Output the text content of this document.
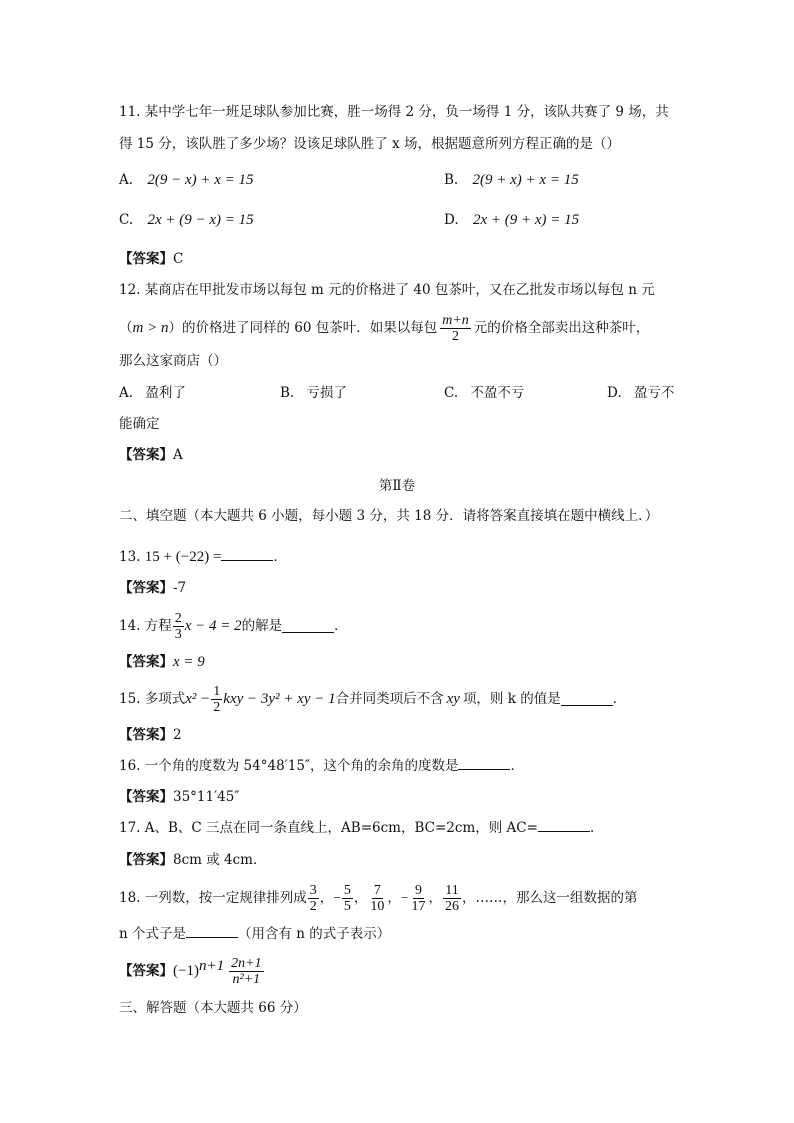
11. 某中学七年一班足球队参加比赛，胜一场得 2 分，负一场得 1 分，该队共赛了 9 场，共
得 15 分，该队胜了多少场？设该足球队胜了 x 场，根据题意所列方程正确的是（）
A. 2(9 − x) + x = 15	B. 2(9 + x) + x = 15
C. 2x + (9 − x) = 15	D. 2x + (9 + x) = 15
【答案】C
12. 某商店在甲批发市场以每包 m 元的价格进了 40 包茶叶，又在乙批发市场以每包 n 元
（ m > n ）的价格进了同样的 60 包茶叶．如果以每包 $\frac{m+n}{2}$ 元的价格全部卖出这种茶叶，
那么这家商店（）
A. 盈利了	B. 亏损了	C. 不盈不亏	D. 盈亏不
能确定
【答案】A
第Ⅱ卷
二、填空题（本大题共 6 小题，每小题 3 分，共 18 分．请将答案直接填在题中横线上．）
13. 15 + (−22) =	．
【答案】-7
14. 方程 $\frac{2}{3}$ x − 4 = 2 的解是	．
【答案】x = 9
15. 多项式 $x^2 - \frac{1}{2}$ kxy − 3y² + xy − 1 合并同类项后不含 xy 项，则 k 的值是	．
【答案】2
16. 一个角的度数为 54°48′15″，这个角的余角的度数是	．
【答案】35°11′45″
17. A、B、C 三点在同一条直线上，AB=6cm，BC=2cm，则 AC=	．
【答案】8cm 或 4cm．
18. 一列数，按一定规律排列成 $\frac{3}{2}$ ， − $\frac{5}{5}$ ， $\frac{7}{10}$ ， − $\frac{9}{17}$ ， $\frac{11}{26}$ ， …… ，那么这一组数据的第
n 个式子是	（用含有 n 的式子表示）
【答案】 (−1) $n+1 \frac{2n+1}{\text{n²+1}}$
三、解答题（本大题共 66 分）
